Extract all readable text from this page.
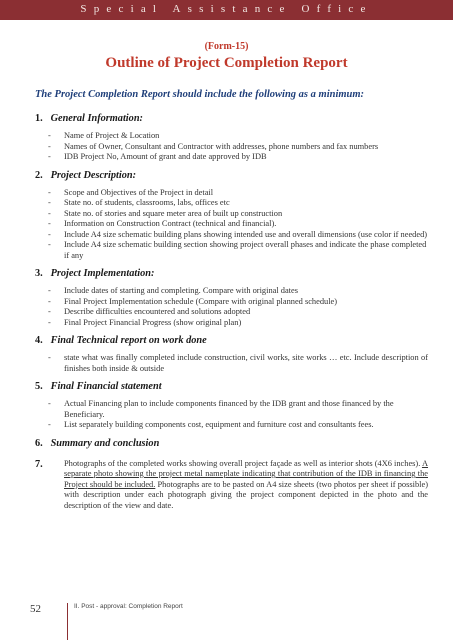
Special Assistance Office
(Form-15)
Outline of Project Completion Report
The Project Completion Report should include the following as a minimum:
1. General Information:
- Name of Project & Location
- Names of Owner, Consultant and Contractor with addresses, phone numbers and fax numbers
- IDB Project No, Amount of grant and date approved by IDB
2. Project Description:
- Scope and Objectives of the Project in detail
- State no. of students, classrooms, labs, offices etc
- State no. of stories and square meter area of built up construction
- Information on Construction Contract (technical and financial).
- Include A4 size schematic building plans showing intended use and overall dimensions (use color if needed)
- Include A4 size schematic building section showing project overall phases and indicate the phase completed if any
3. Project Implementation:
- Include dates of starting and completing. Compare with original dates
- Final Project Implementation schedule (Compare with original planned schedule)
- Describe difficulties encountered and solutions adopted
- Final Project Financial Progress (show original plan)
4. Final Technical report on work done
- state what was finally completed include construction, civil works, site works … etc. Include description of finishes both inside & outside
5. Final Financial statement
- Actual Financing plan to include components financed by the IDB grant and those financed by the Beneficiary.
- List separately building components cost, equipment and furniture cost and consultants fees.
6. Summary and conclusion
7.	Photographs of the completed works showing overall project façade as well as interior shots (4X6 inches). A separate photo showing the project metal nameplate indicating that contribution of the IDB in financing the Project should be included. Photographs are to be pasted on A4 size sheets (two photos per sheet if possible) with description under each photograph giving the project component depicted in the photo and the description of the view and date.
52	II. Post - approval: Completion Report
